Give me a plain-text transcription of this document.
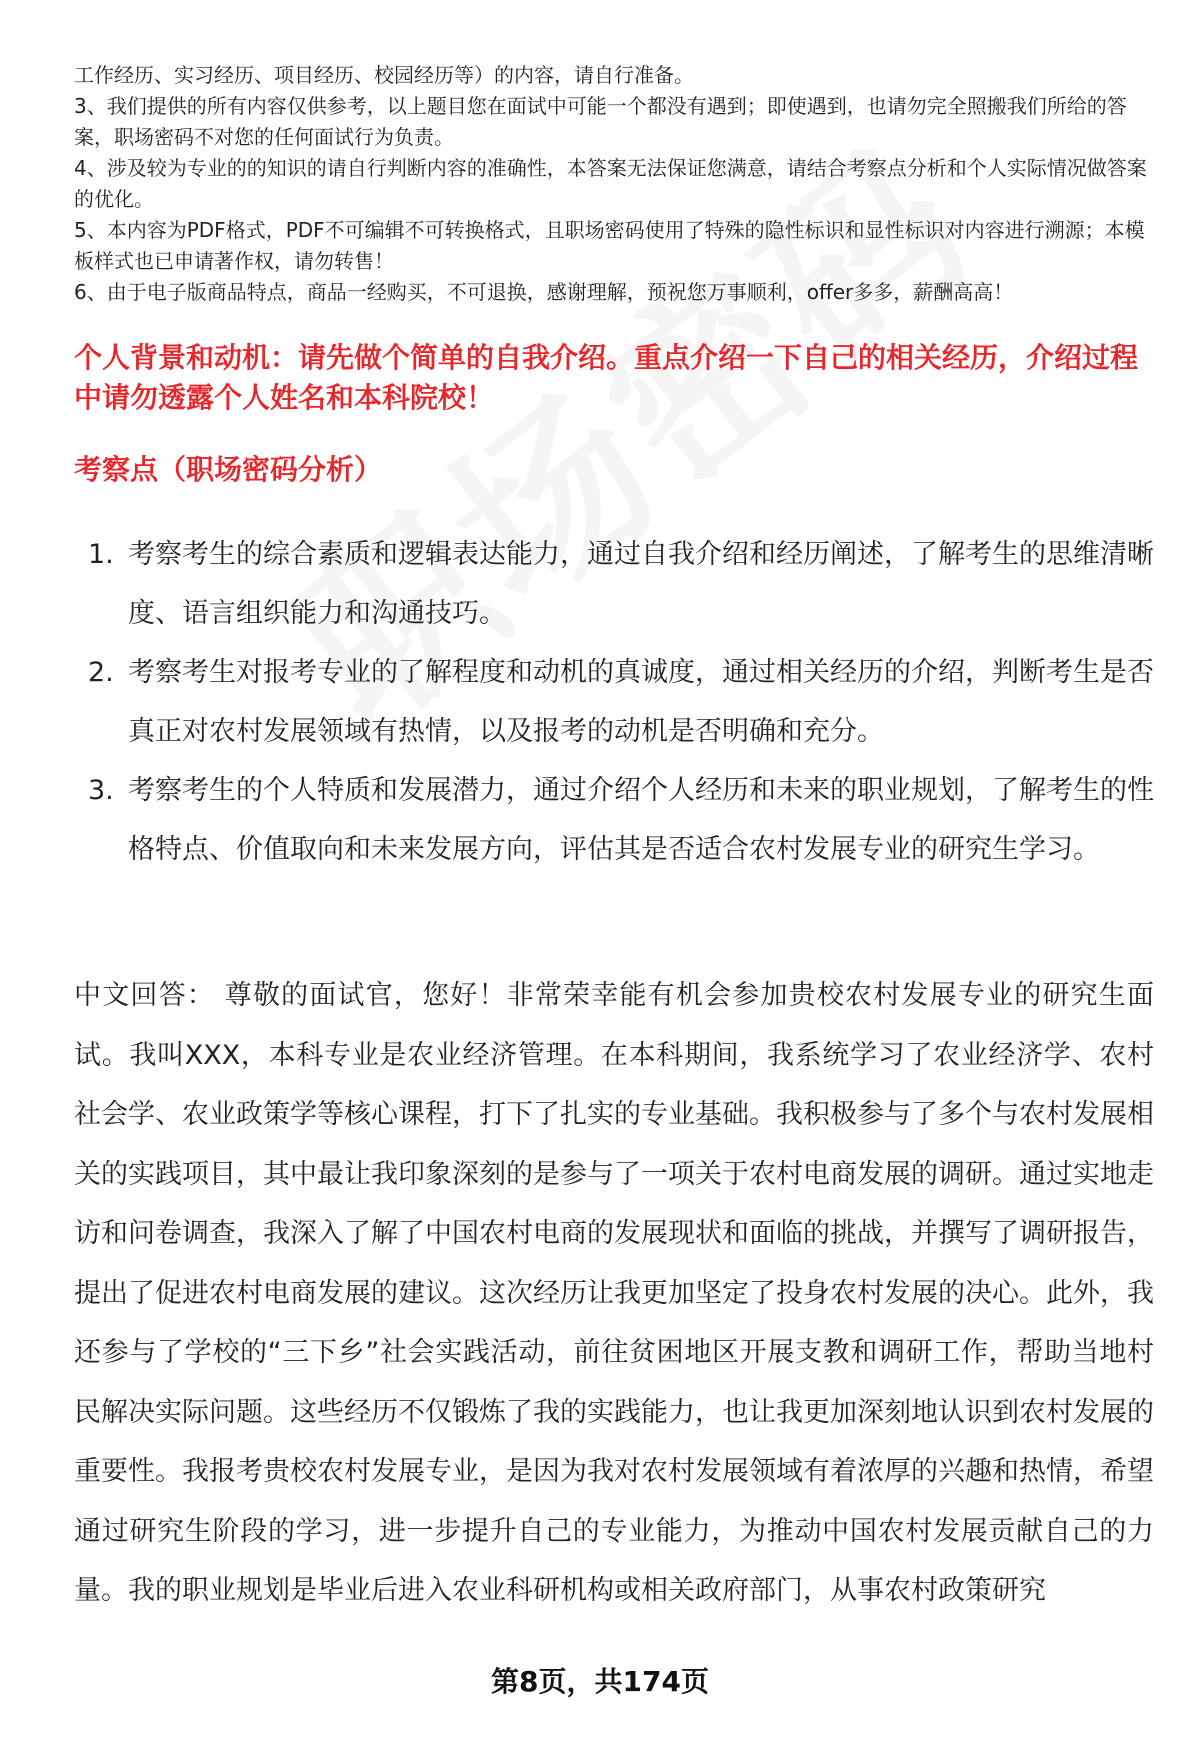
工作经历、实习经历、项目经历、校园经历等）的内容，请自行准备。

3、我们提供的所有内容仅供参考，以上题目您在面试中可能一个都没有遇到；即使遇到，也请勿完全照搬我们所给的答案，职场密码不对您的任何面试行为负责。

4、涉及较为专业的的知识的请自行判断内容的准确性，本答案无法保证您满意，请结合考察点分析和个人实际情况做答案的优化。

5、本内容为PDF格式，PDF不可编辑不可转换格式，且职场密码使用了特殊的隐性标识和显性标识对内容进行溯源；本模板样式也已申请著作权，请勿转售！

6、由于电子版商品特点，商品一经购买，不可退换，感谢理解，预祝您万事顺利，offer多多，薪酬高高！

个人背景和动机：请先做个简单的自我介绍。重点介绍一下自己的相关经历，介绍过程中请勿透露个人姓名和本科院校！
考察点（职场密码分析）
1. 考察考生的综合素质和逻辑表达能力，通过自我介绍和经历阐述，了解考生的思维清晰度、语言组织能力和沟通技巧。
2. 考察考生对报考专业的了解程度和动机的真诚度，通过相关经历的介绍，判断考生是否真正对农村发展领域有热情，以及报考的动机是否明确和充分。
3. 考察考生的个人特质和发展潜力，通过介绍个人经历和未来的职业规划，了解考生的性格特点、价值取向和未来发展方向，评估其是否适合农村发展专业的研究生学习。

中文回答： 尊敬的面试官，您好！非常荣幸能有机会参加贵校农村发展专业的研究生面试。我叫XXX，本科专业是农业经济管理。在本科期间，我系统学习了农业经济学、农村社会学、农业政策学等核心课程，打下了扎实的专业基础。我积极参与了多个与农村发展相关的实践项目，其中最让我印象深刻的是参与了一项关于农村电商发展的调研。通过实地走访和问卷调查，我深入了解了中国农村电商的发展现状和面临的挑战，并撰写了调研报告，提出了促进农村电商发展的建议。这次经历让我更加坚定了投身农村发展的决心。此外，我还参与了学校的“三下乡”社会实践活动，前往贫困地区开展支教和调研工作，帮助当地村民解决实际问题。这些经历不仅锻炼了我的实践能力，也让我更加深刻地认识到农村发展的重要性。我报考贵校农村发展专业，是因为我对农村发展领域有着浓厚的兴趣和热情，希望通过研究生阶段的学习，进一步提升自己的专业能力，为推动中国农村发展贡献自己的力量。我的职业规划是毕业后进入农业科研机构或相关政府部门，从事农村政策研究

第8页，共174页
